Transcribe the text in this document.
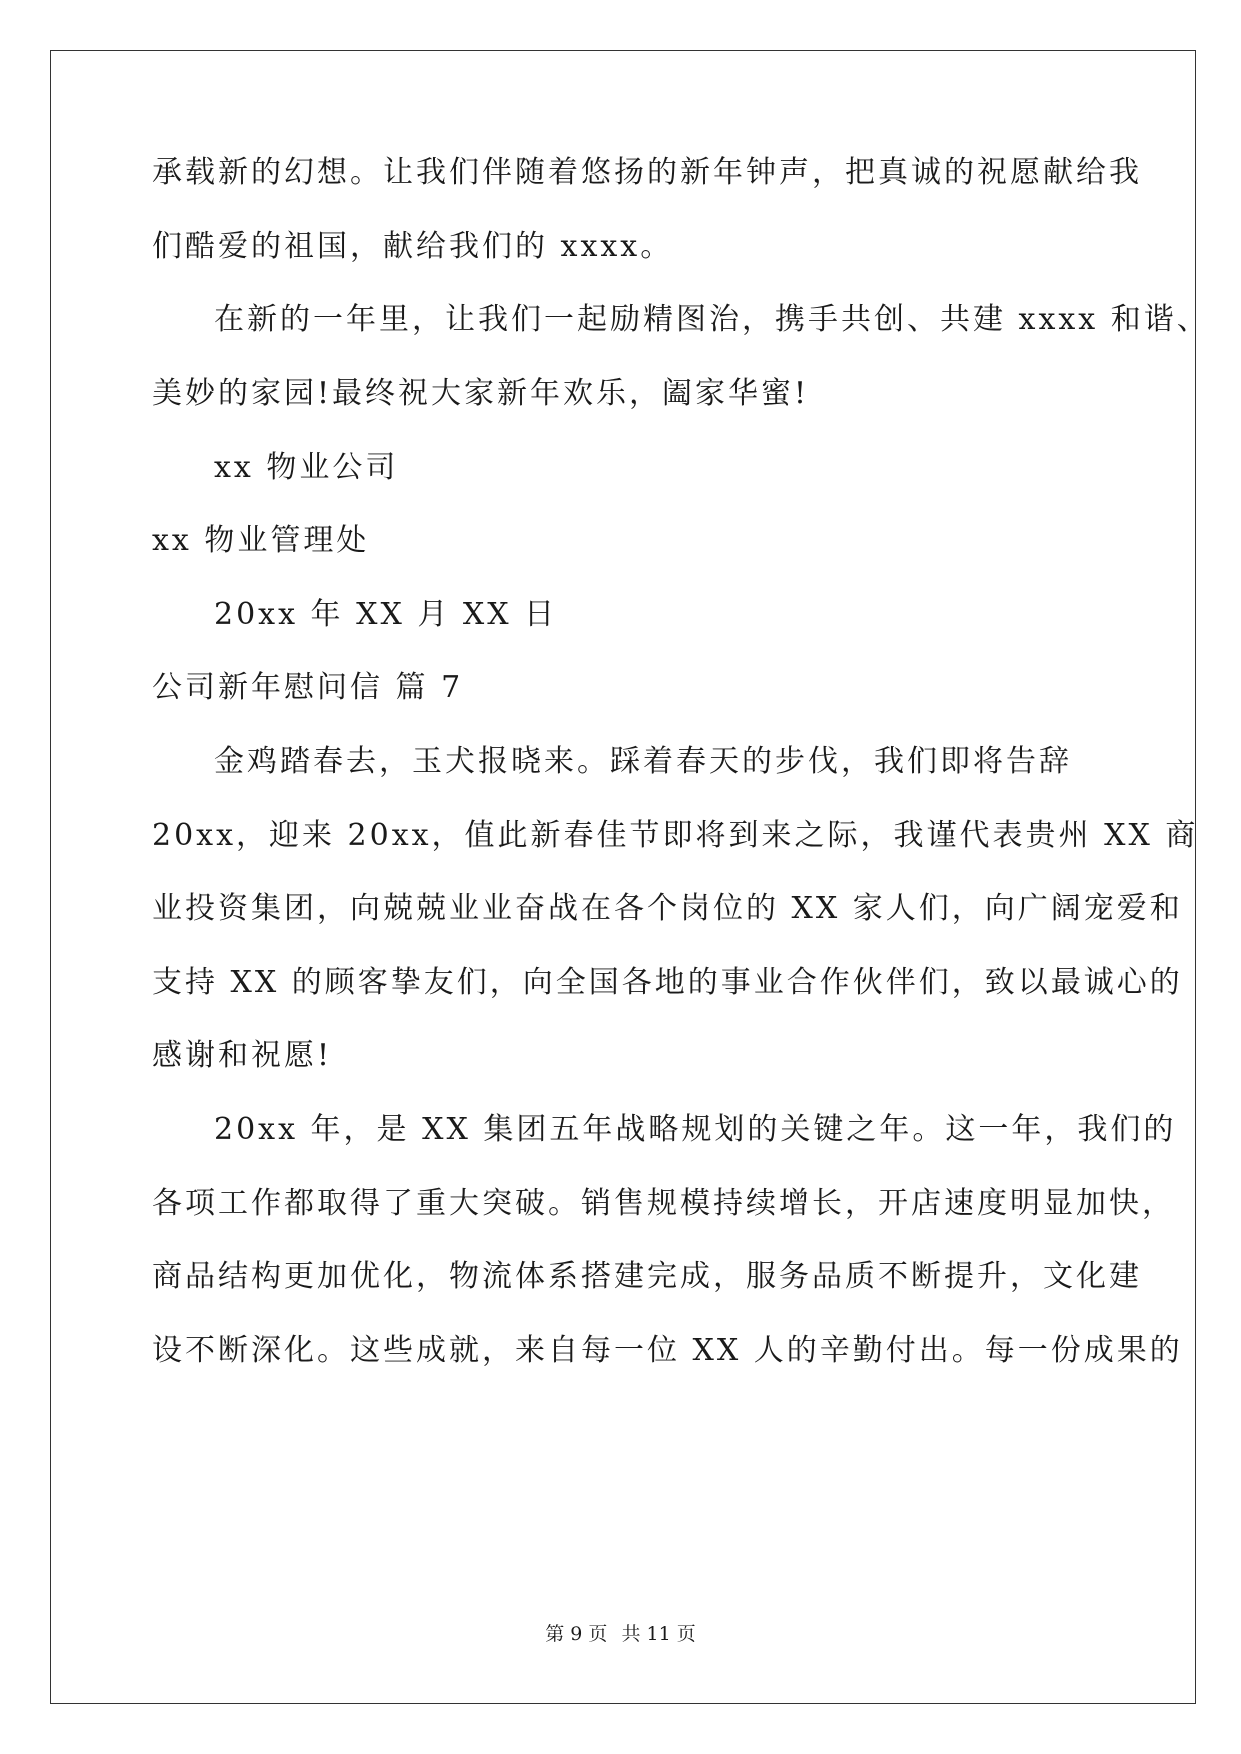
承载新的幻想。让我们伴随着悠扬的新年钟声，把真诚的祝愿献给我
们酷爱的祖国，献给我们的 xxxx。
在新的一年里，让我们一起励精图治，携手共创、共建 xxxx 和谐、
美妙的家园!最终祝大家新年欢乐，阖家华蜜!
xx 物业公司
xx 物业管理处
20xx 年 XX 月 XX 日
公司新年慰问信 篇 7
金鸡踏春去，玉犬报晓来。踩着春天的步伐，我们即将告辞
20xx，迎来 20xx，值此新春佳节即将到来之际，我谨代表贵州 XX 商
业投资集团，向兢兢业业奋战在各个岗位的 XX 家人们，向广阔宠爱和
支持 XX 的顾客挚友们，向全国各地的事业合作伙伴们，致以最诚心的
感谢和祝愿!
20xx 年，是 XX 集团五年战略规划的关键之年。这一年，我们的
各项工作都取得了重大突破。销售规模持续增长，开店速度明显加快，
商品结构更加优化，物流体系搭建完成，服务品质不断提升，文化建
设不断深化。这些成就，来自每一位 XX 人的辛勤付出。每一份成果的
第 9 页 共 11 页
